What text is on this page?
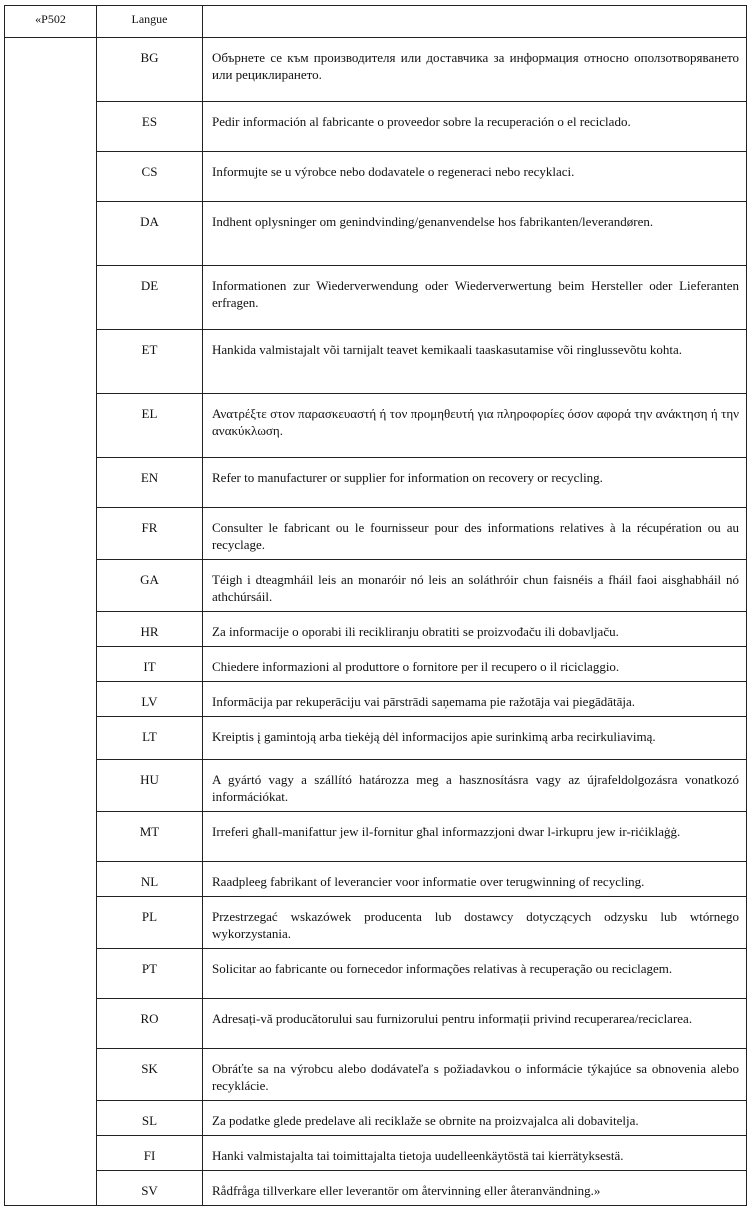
«P502	Langue	
	BG	Обърнете се към производителя или доставчика за информация относно оползотворяването или рециклирането.
	ES	Pedir información al fabricante o proveedor sobre la recuperación o el reciclado.
	CS	Informujte se u výrobce nebo dodavatele o regeneraci nebo recyklaci.
	DA	Indhent oplysninger om genindvinding/genanvendelse hos fabrikanten/leverandøren.
	DE	Informationen zur Wiederverwendung oder Wiederverwertung beim Hersteller oder Lieferanten erfragen.
	ET	Hankida valmistajalt või tarnijalt teavet kemikaali taaskasutamise või ringlussevõtu kohta.
	EL	Ανατρέξτε στον παρασκευαστή ή τον προμηθευτή για πληροφορίες όσον αφορά την ανάκτηση ή την ανακύκλωση.
	EN	Refer to manufacturer or supplier for information on recovery or recycling.
	FR	Consulter le fabricant ou le fournisseur pour des informations relatives à la récupération ou au recyclage.
	GA	Téigh i dteagmháil leis an monaróir nó leis an soláthróir chun faisnéis a fháil faoi aisghabháil nó athchúrsáil.
	HR	Za informacije o oporabi ili recikliranju obratiti se proizvođaču ili dobavljaču.
	IT	Chiedere informazioni al produttore o fornitore per il recupero o il riciclaggio.
	LV	Informācija par rekuperāciju vai pārstrādi saņemama pie ražotāja vai piegādātāja.
	LT	Kreiptis į gamintoją arba tiekėją dėl informacijos apie surinkimą arba recirkuliavimą.
	HU	A gyártó vagy a szállító határozza meg a hasznosításra vagy az újrafeldolgozásra vonatkozó információkat.
	MT	Irreferi għall-manifattur jew il-fornitur għal informazzjoni dwar l-irkupru jew ir-riċiklaġġ.
	NL	Raadpleeg fabrikant of leverancier voor informatie over terugwinning of recycling.
	PL	Przestrzegać wskazówek producenta lub dostawcy dotyczących odzysku lub wtórnego wykorzystania.
	PT	Solicitar ao fabricante ou fornecedor informações relativas à recuperação ou reciclagem.
	RO	Adresați-vă producătorului sau furnizorului pentru informații privind recuperarea/reciclarea.
	SK	Obráťte sa na výrobcu alebo dodávateľa s požiadavkou o informácie týkajúce sa obnovenia alebo recyklácie.
	SL	Za podatke glede predelave ali reciklaže se obrnite na proizvajalca ali dobavitelja.
	FI	Hanki valmistajalta tai toimittajalta tietoja uudelleenkäytöstä tai kierrätyksestä.
	SV	Rådfråga tillverkare eller leverantör om återvinning eller återanvändning.»
